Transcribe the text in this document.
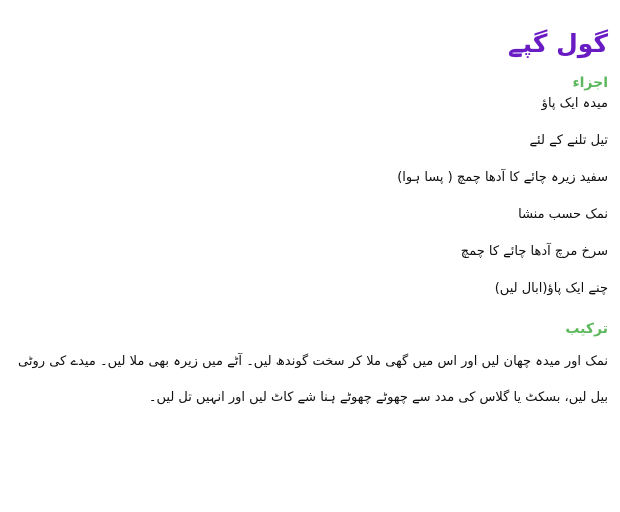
گول گپے
اجزاء
میدہ ایک پاؤ
تیل تلنے کے لئے
سفید زیرہ چائے کا آدھا چمچ ( پسا ہوا)
نمک حسب منشا
سرخ مرچ آدھا چائے کا چمچ
چنے ایک پاؤ(ابال لیں)
ترکیب

نمک اور میدہ چھان لیں اور اس میں گھی ملا کر سخت گوندھ لیں۔ آٹے میں زیرہ بھی ملا لیں۔ میدے کی روٹی بیل لیں، بسکٹ یا گلاس کی مدد سے چھوٹے چھوٹے ہنا شے کاٹ لیں اور انہیں تل لیں۔
